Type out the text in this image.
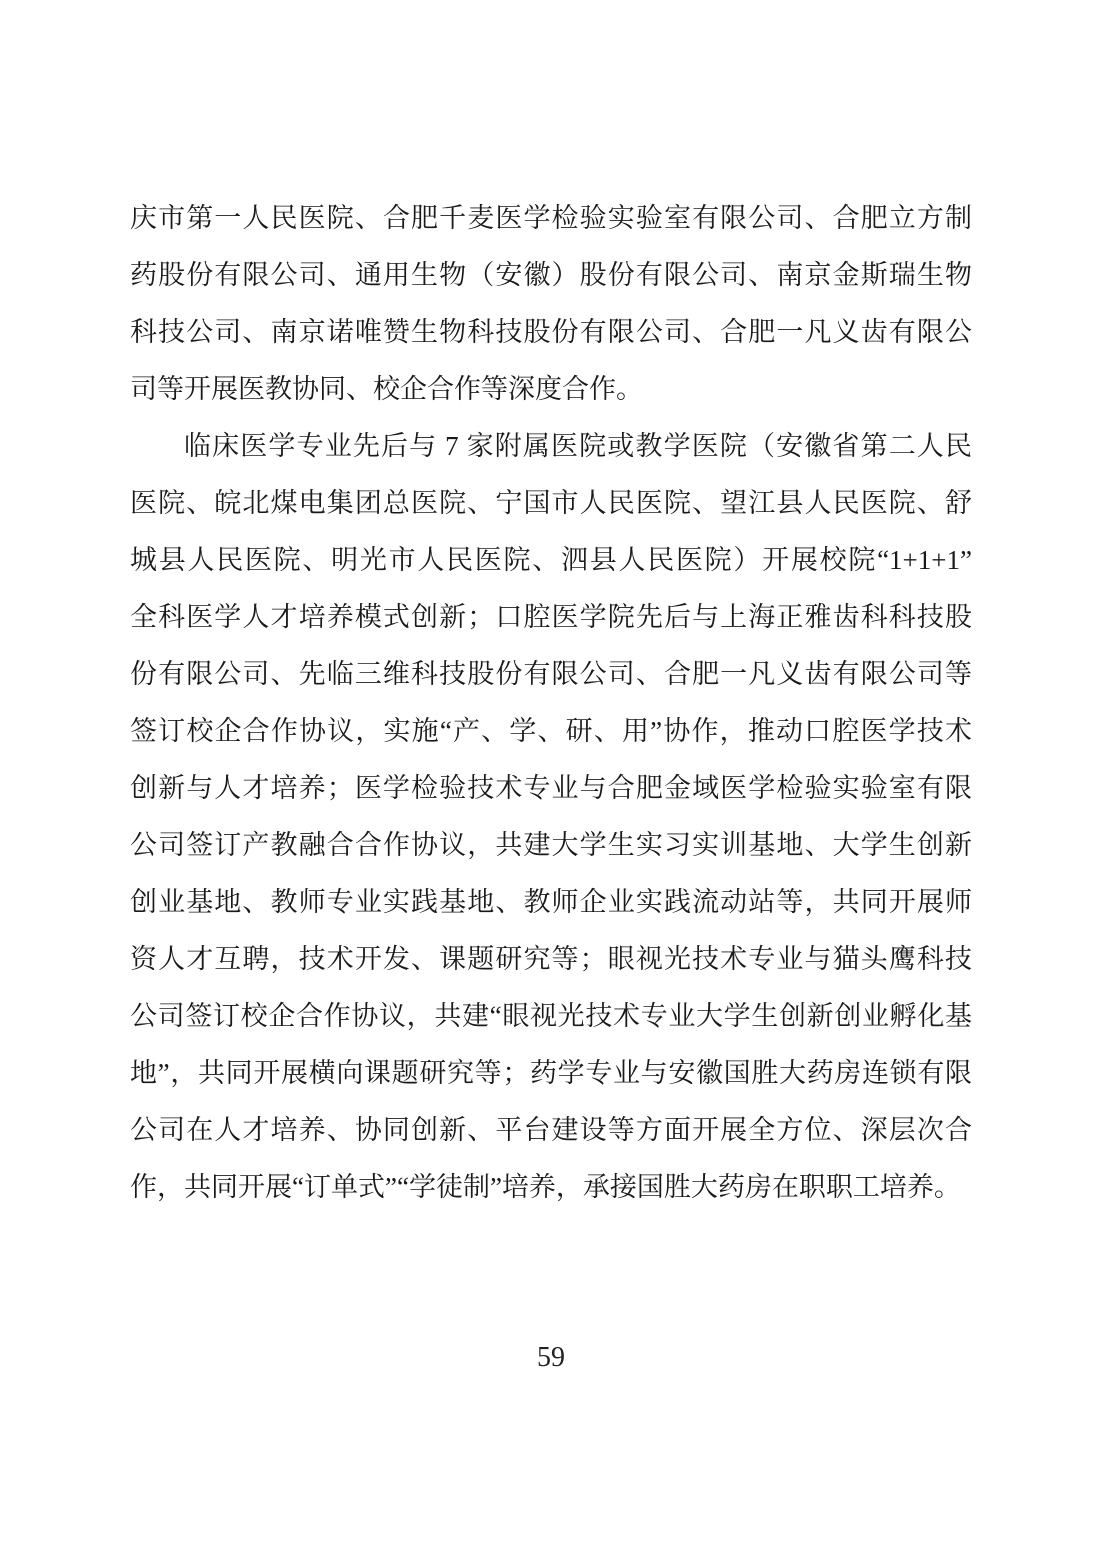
庆市第一人民医院、合肥千麦医学检验实验室有限公司、合肥立方制
药股份有限公司、通用生物（安徽）股份有限公司、南京金斯瑞生物
科技公司、南京诺唯赞生物科技股份有限公司、合肥一凡义齿有限公
司等开展医教协同、校企合作等深度合作。
临床医学专业先后与 7 家附属医院或教学医院（安徽省第二人民
医院、皖北煤电集团总医院、宁国市人民医院、望江县人民医院、舒
城县人民医院、明光市人民医院、泗县人民医院）开展校院“1+1+1”
全科医学人才培养模式创新；口腔医学院先后与上海正雅齿科科技股
份有限公司、先临三维科技股份有限公司、合肥一凡义齿有限公司等
签订校企合作协议，实施“产、学、研、用”协作，推动口腔医学技术
创新与人才培养；医学检验技术专业与合肥金域医学检验实验室有限
公司签订产教融合合作协议，共建大学生实习实训基地、大学生创新
创业基地、教师专业实践基地、教师企业实践流动站等，共同开展师
资人才互聘，技术开发、课题研究等；眼视光技术专业与猫头鹰科技
公司签订校企合作协议，共建“眼视光技术专业大学生创新创业孵化基
地”，共同开展横向课题研究等；药学专业与安徽国胜大药房连锁有限
公司在人才培养、协同创新、平台建设等方面开展全方位、深层次合
作，共同开展“订单式”“学徒制”培养，承接国胜大药房在职职工培养。
59
